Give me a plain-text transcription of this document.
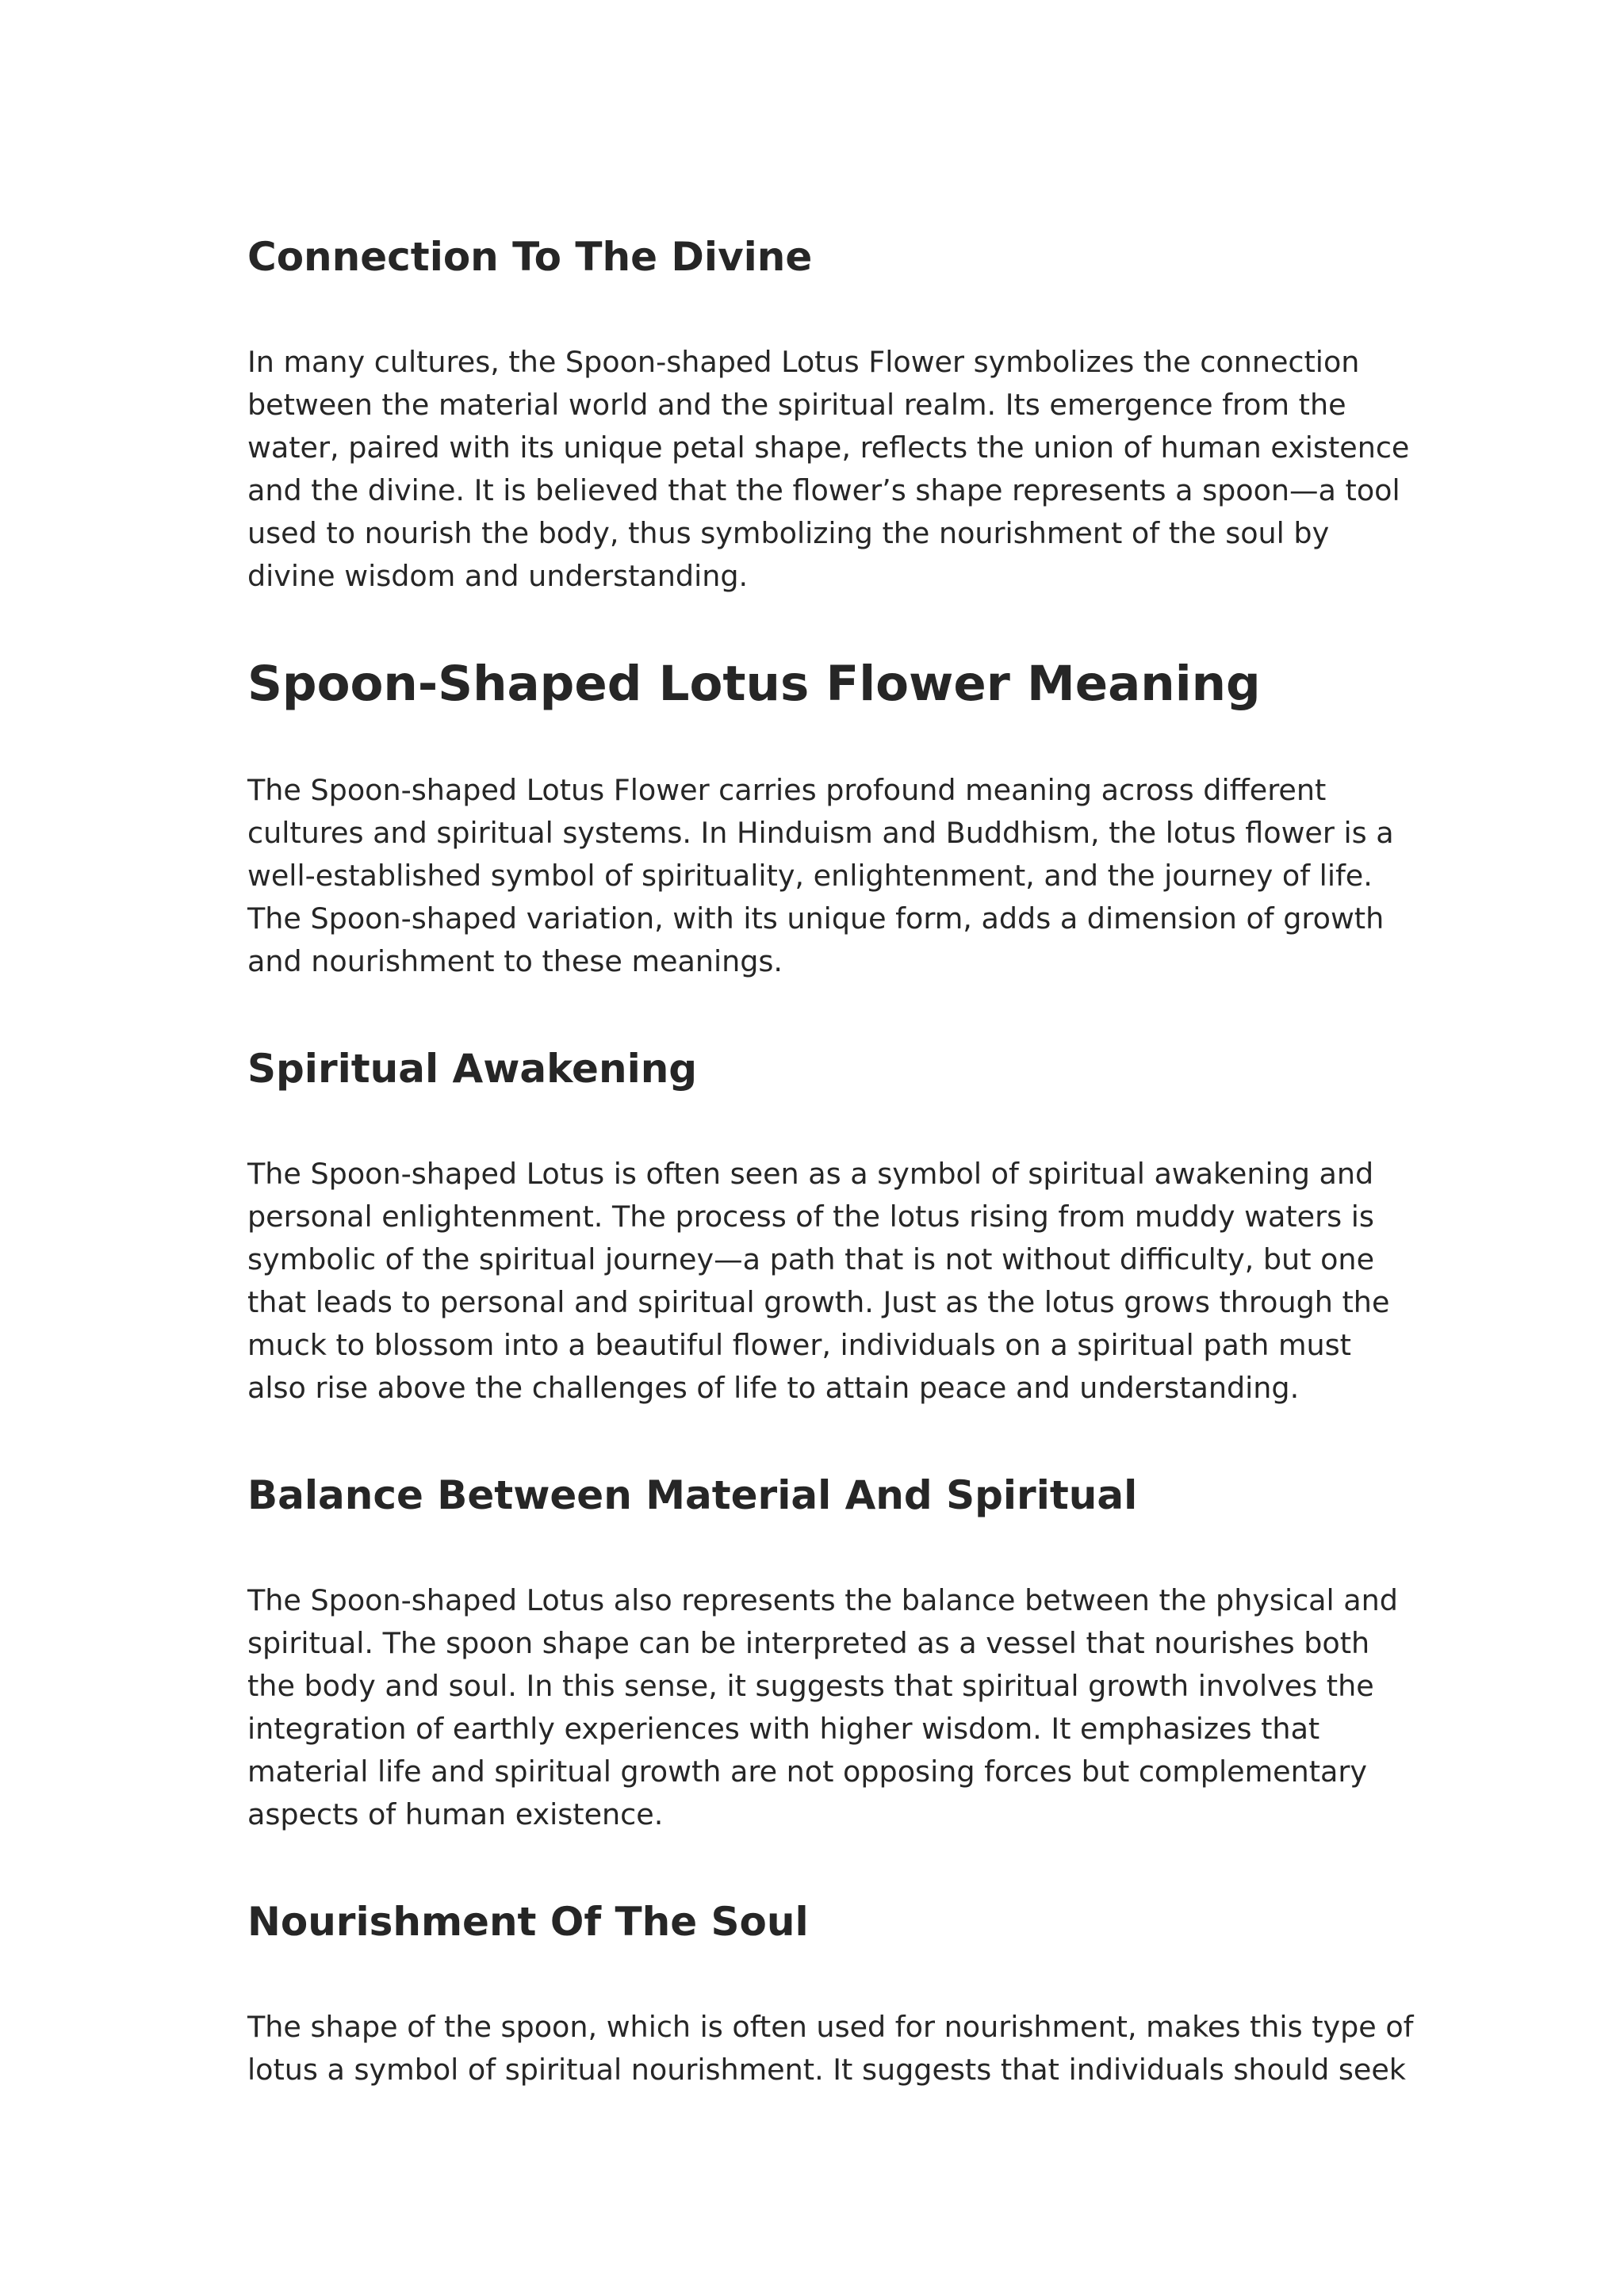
Connection To The Divine

In many cultures, the Spoon-shaped Lotus Flower symbolizes the connection
between the material world and the spiritual realm. Its emergence from the
water, paired with its unique petal shape, reflects the union of human existence
and the divine. It is believed that the flower’s shape represents a spoon—a tool
used to nourish the body, thus symbolizing the nourishment of the soul by
divine wisdom and understanding.

Spoon-Shaped Lotus Flower Meaning

The Spoon-shaped Lotus Flower carries profound meaning across different
cultures and spiritual systems. In Hinduism and Buddhism, the lotus flower is a
well-established symbol of spirituality, enlightenment, and the journey of life.
The Spoon-shaped variation, with its unique form, adds a dimension of growth
and nourishment to these meanings.

Spiritual Awakening

The Spoon-shaped Lotus is often seen as a symbol of spiritual awakening and
personal enlightenment. The process of the lotus rising from muddy waters is
symbolic of the spiritual journey—a path that is not without difficulty, but one
that leads to personal and spiritual growth. Just as the lotus grows through the
muck to blossom into a beautiful flower, individuals on a spiritual path must
also rise above the challenges of life to attain peace and understanding.

Balance Between Material And Spiritual

The Spoon-shaped Lotus also represents the balance between the physical and
spiritual. The spoon shape can be interpreted as a vessel that nourishes both
the body and soul. In this sense, it suggests that spiritual growth involves the
integration of earthly experiences with higher wisdom. It emphasizes that
material life and spiritual growth are not opposing forces but complementary
aspects of human existence.

Nourishment Of The Soul

The shape of the spoon, which is often used for nourishment, makes this type of
lotus a symbol of spiritual nourishment. It suggests that individuals should seek
